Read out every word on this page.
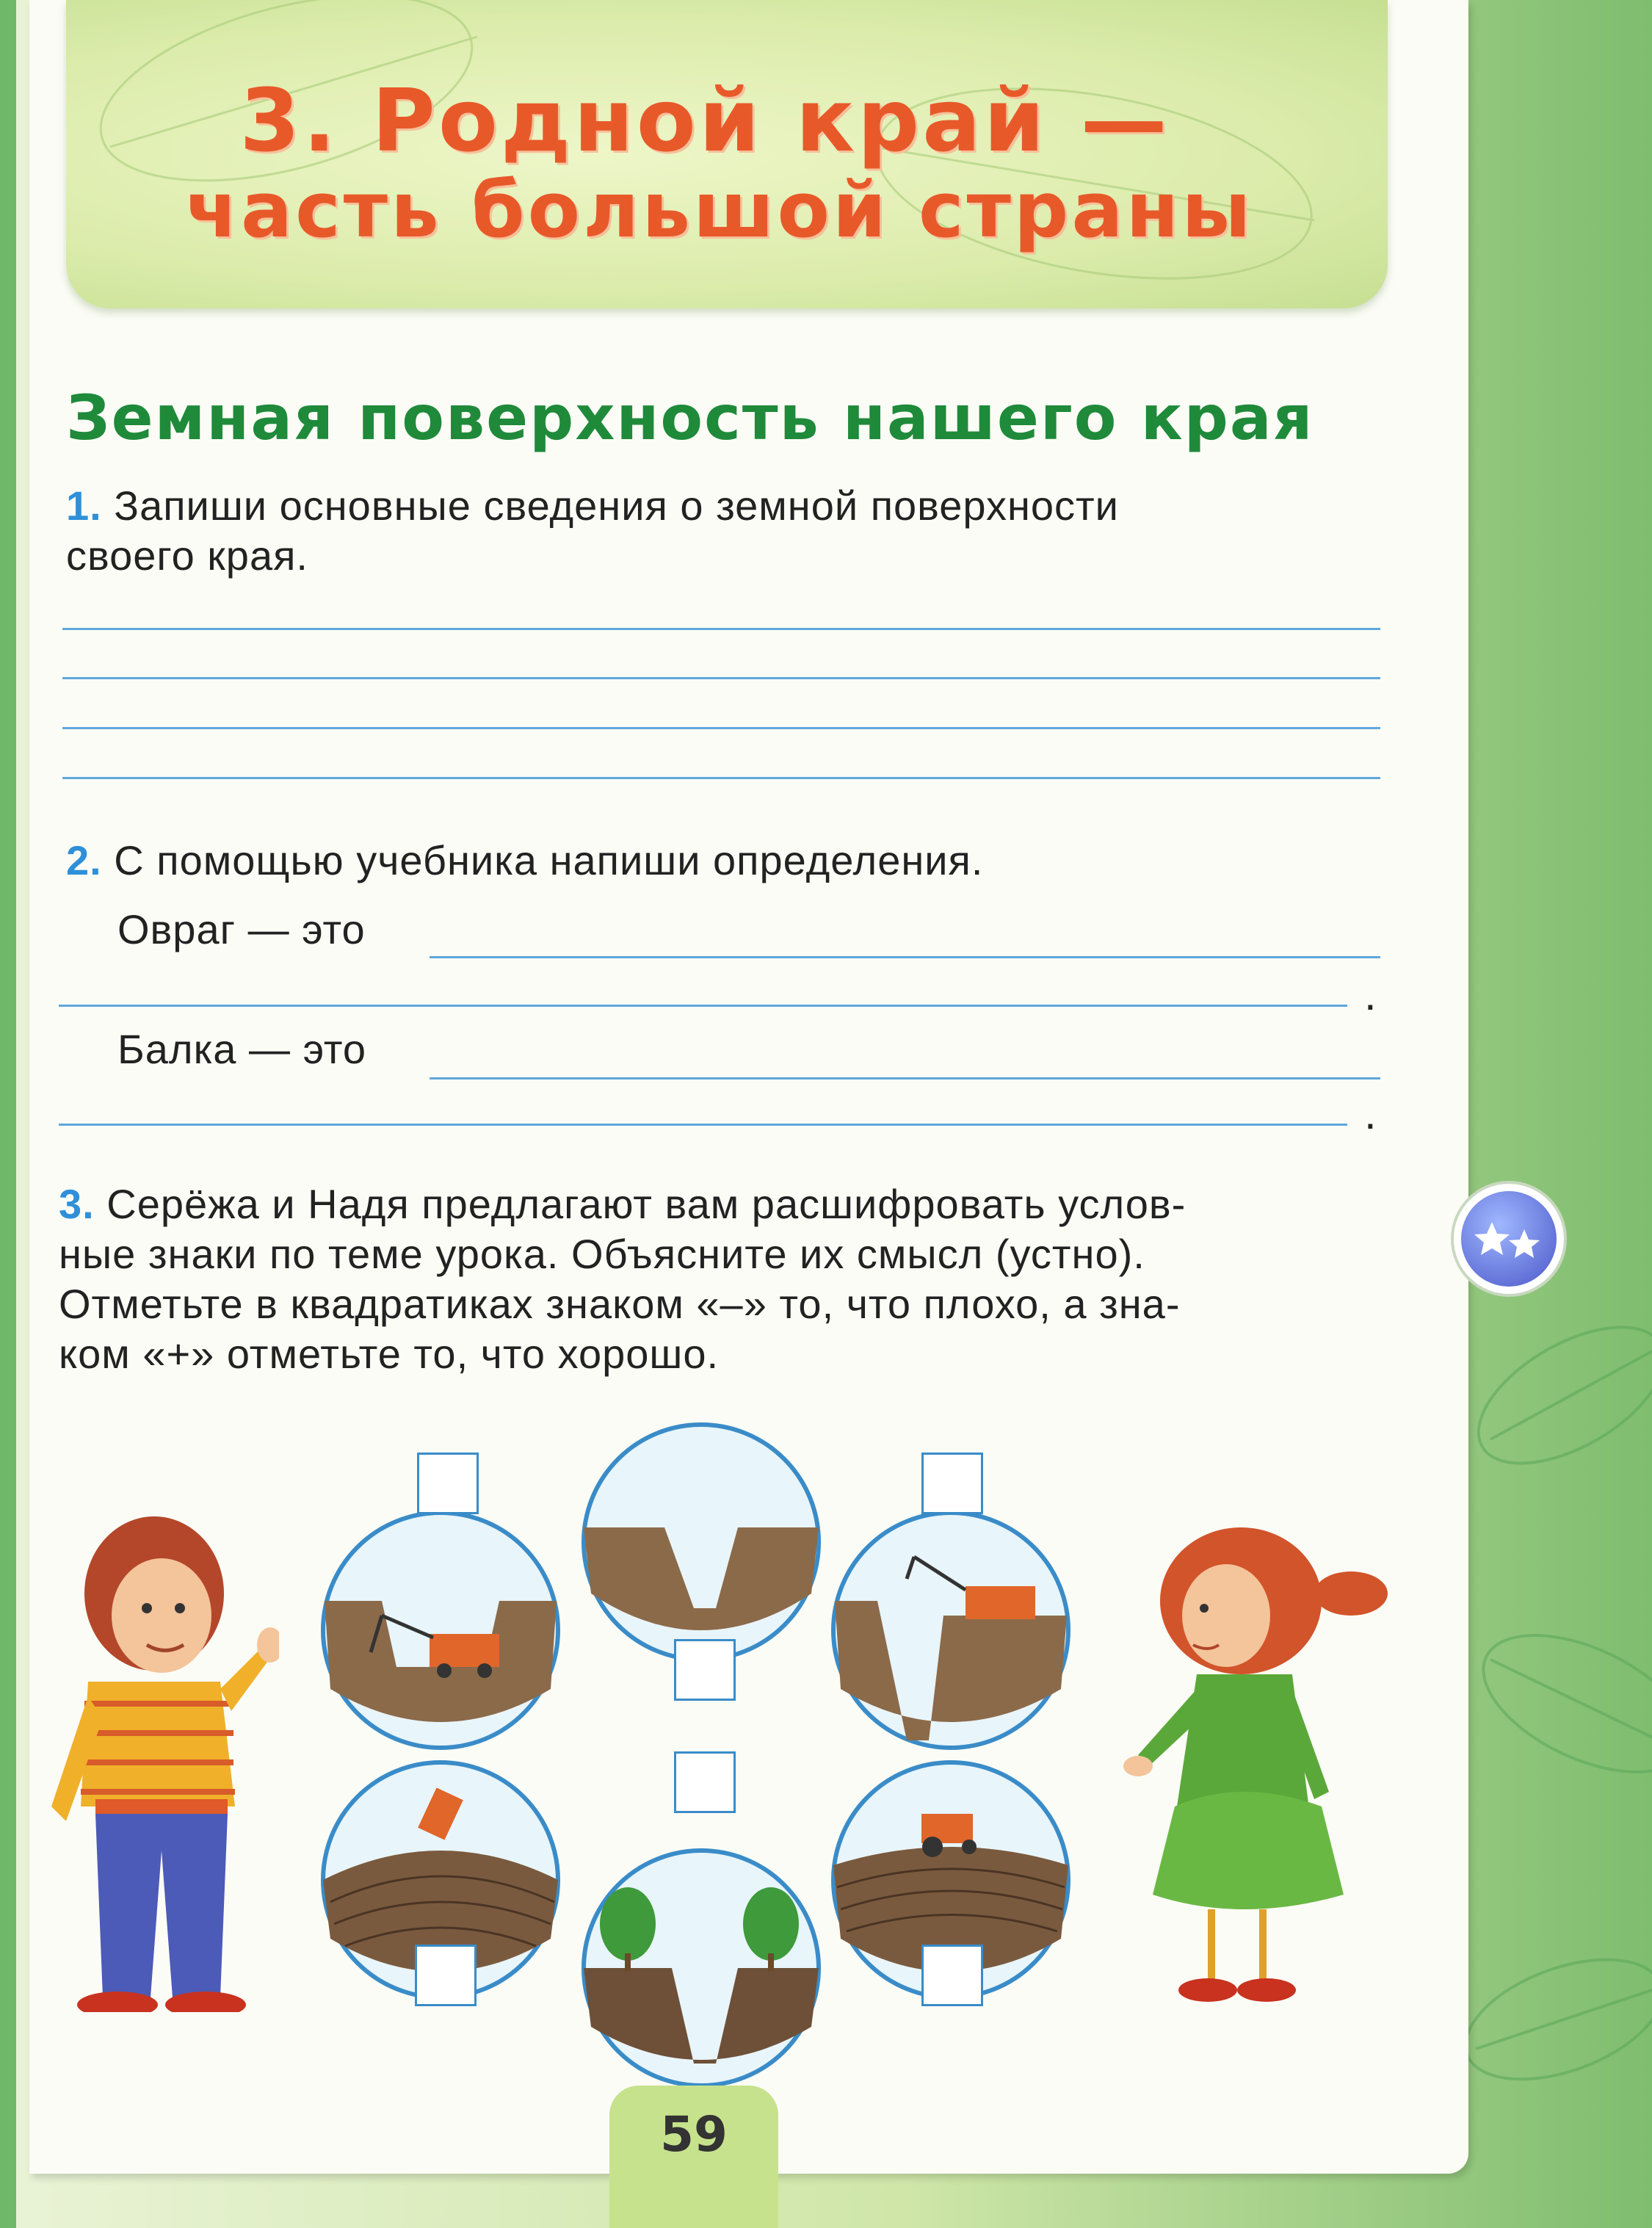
3. Родной край —
часть большой страны
Земная поверхность нашего края
1. Запиши основные сведения о земной поверхности
своего края.
2. С помощью учебника напиши определения.
Овраг — это
.
Балка — это
.
3. Серёжа и Надя предлагают вам расшифровать услов-
ные знаки по теме урока. Объясните их смысл (устно).
Отметьте в квадратиках знаком «–» то, что плохо, а зна-
ком «+» отметьте то, что хорошо.
59
